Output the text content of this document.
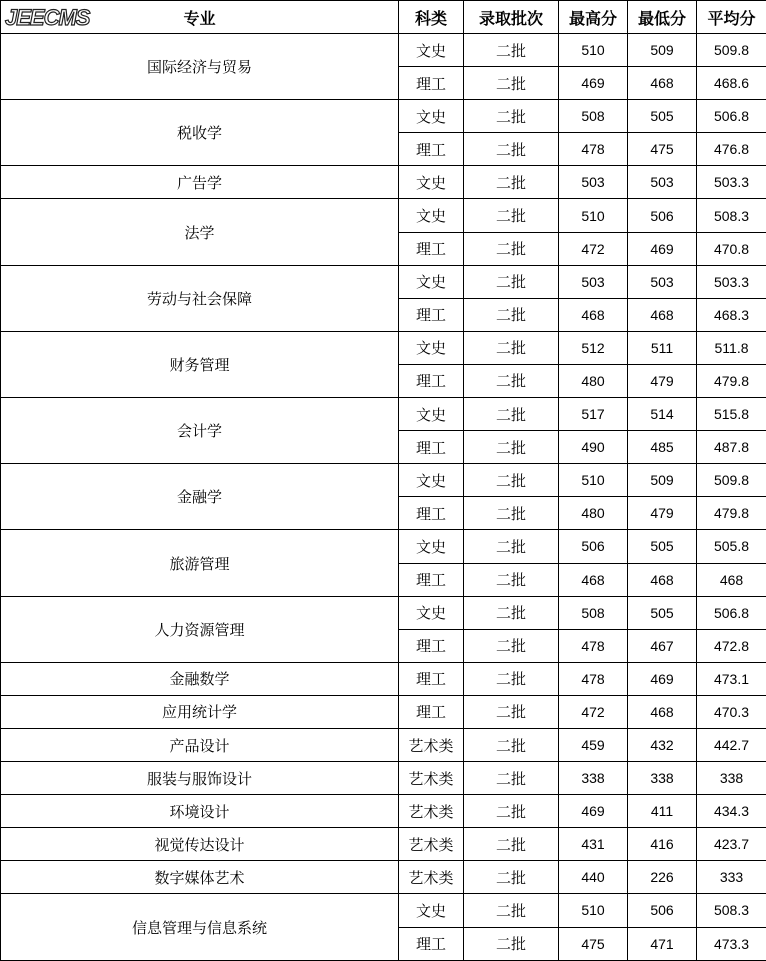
JEECMS 专业	科类	录取批次	最高分	最低分	平均分
国际经济与贸易	文史	二批	510	509	509.8
	理工	二批	469	468	468.6
税收学	文史	二批	508	505	506.8
	理工	二批	478	475	476.8
广告学	文史	二批	503	503	503.3
法学	文史	二批	510	506	508.3
	理工	二批	472	469	470.8
劳动与社会保障	文史	二批	503	503	503.3
	理工	二批	468	468	468.3
财务管理	文史	二批	512	511	511.8
	理工	二批	480	479	479.8
会计学	文史	二批	517	514	515.8
	理工	二批	490	485	487.8
金融学	文史	二批	510	509	509.8
	理工	二批	480	479	479.8
旅游管理	文史	二批	506	505	505.8
	理工	二批	468	468	468
人力资源管理	文史	二批	508	505	506.8
	理工	二批	478	467	472.8
金融数学	理工	二批	478	469	473.1
应用统计学	理工	二批	472	468	470.3
产品设计	艺术类	二批	459	432	442.7
服装与服饰设计	艺术类	二批	338	338	338
环境设计	艺术类	二批	469	411	434.3
视觉传达设计	艺术类	二批	431	416	423.7
数字媒体艺术	艺术类	二批	440	226	333
信息管理与信息系统	文史	二批	510	506	508.3
	理工	二批	475	471	473.3
